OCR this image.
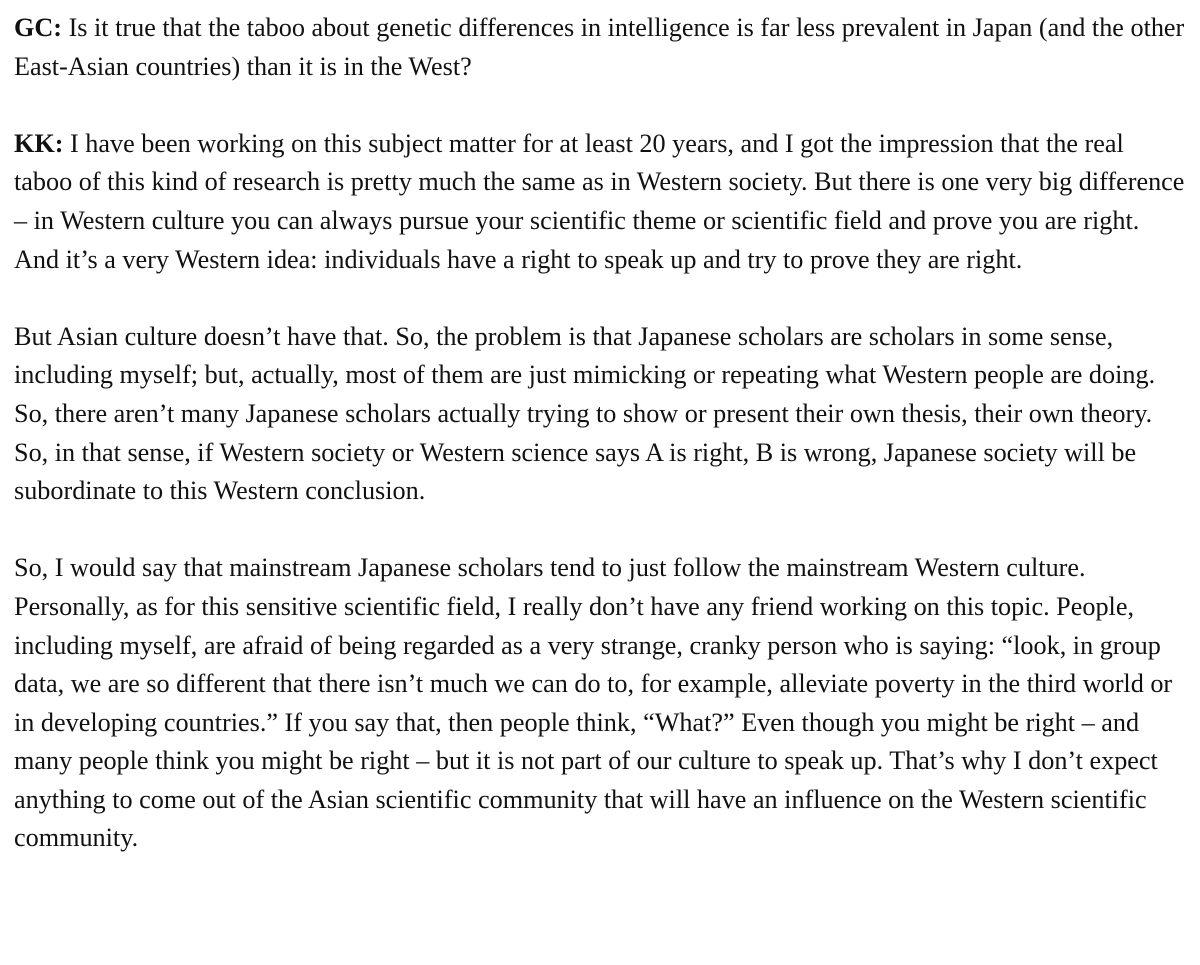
GC: Is it true that the taboo about genetic differences in intelligence is far less prevalent in Japan (and the other East-Asian countries) than it is in the West?

KK: I have been working on this subject matter for at least 20 years, and I got the impression that the real taboo of this kind of research is pretty much the same as in Western society. But there is one very big difference – in Western culture you can always pursue your scientific theme or scientific field and prove you are right. And it’s a very Western idea: individuals have a right to speak up and try to prove they are right.

But Asian culture doesn’t have that. So, the problem is that Japanese scholars are scholars in some sense, including myself; but, actually, most of them are just mimicking or repeating what Western people are doing. So, there aren’t many Japanese scholars actually trying to show or present their own thesis, their own theory. So, in that sense, if Western society or Western science says A is right, B is wrong, Japanese society will be subordinate to this Western conclusion.

So, I would say that mainstream Japanese scholars tend to just follow the mainstream Western culture. Personally, as for this sensitive scientific field, I really don’t have any friend working on this topic. People, including myself, are afraid of being regarded as a very strange, cranky person who is saying: “look, in group data, we are so different that there isn’t much we can do to, for example, alleviate poverty in the third world or in developing countries.” If you say that, then people think, “What?” Even though you might be right – and many people think you might be right – but it is not part of our culture to speak up. That’s why I don’t expect anything to come out of the Asian scientific community that will have an influence on the Western scientific community.
